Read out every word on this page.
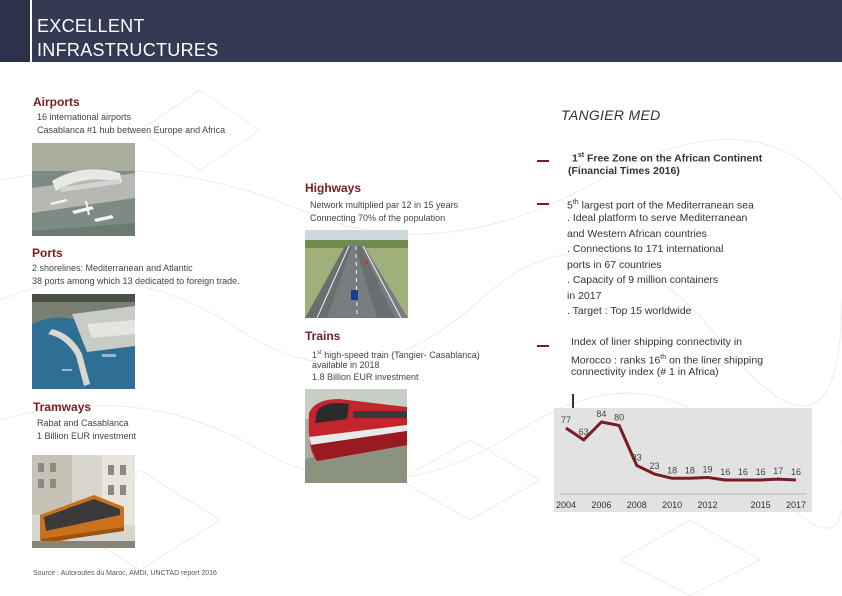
EXCELLENT
INFRASTRUCTURES
Airports
16 international airports
Casablanca #1 hub between Europe and Africa
Ports
2 shorelines: Mediterranean and Atlantic
38 ports among which 13 dedicated to foreign trade.
Tramways
Rabat and Casablanca
1 Billion EUR investment
Highways
Network multiplied par 12 in 15 years
Connecting 70% of the population
Trains
1st high-speed train (Tangier- Casablanca)
available in 2018
1.8 Billion EUR investment
TANGIER MED
1st Free Zone on the African Continent
(Financial Times 2016)
5th largest port of the Mediterranean sea
. Ideal platform to serve Mediterranean
and Western African countries
. Connections to 171 international
ports in 67 countries
. Capacity of 9 million containers
in 2017
. Target : Top 15 worldwide
Index of liner shipping connectivity in
Morocco : ranks 16th on the liner shipping
connectivity index (# 1 in Africa)
77
63
84 80
33
23 18 18 19 16 16 16 17 16
2004 2006 2008 2010 2012	2015 2017
Source : Autoroutes du Maroc, AMDI, UNCTAD report 2016
